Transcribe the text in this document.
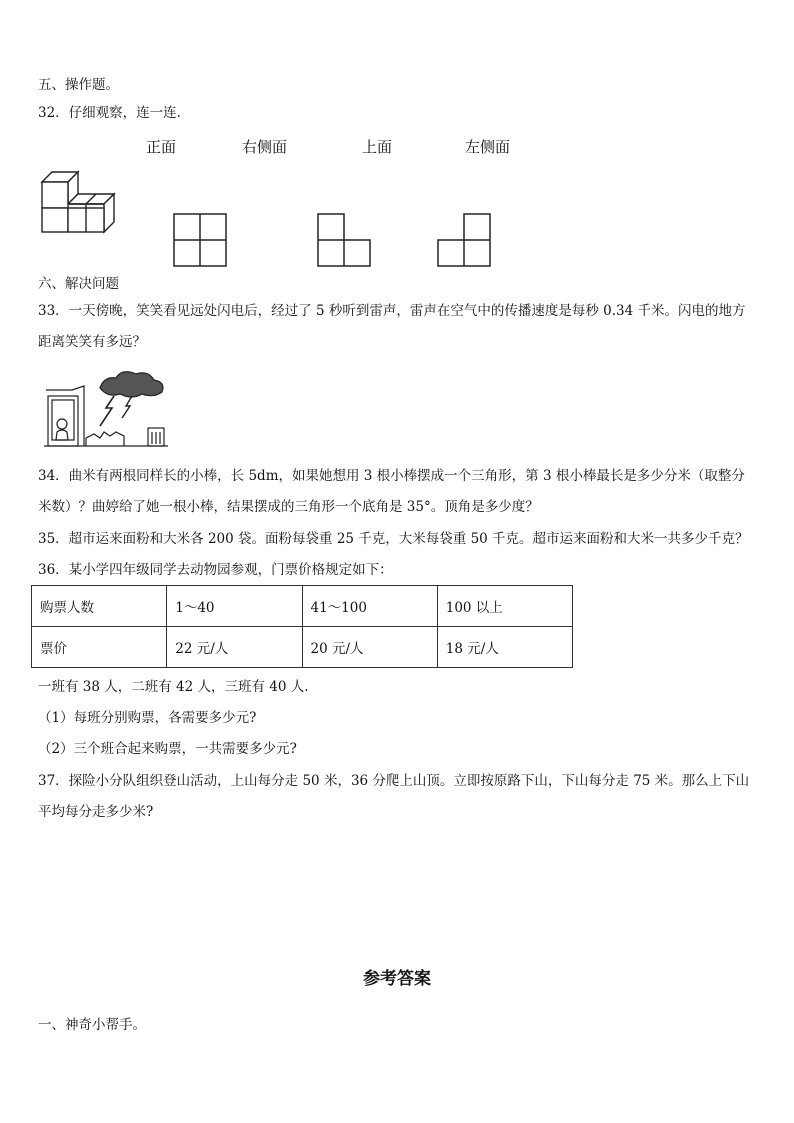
五、操作题。
32．仔细观察，连一连.
正面	右侧面	上面	左侧面
六、解决问题
33．一天傍晚，笑笑看见远处闪电后，经过了 5 秒听到雷声，雷声在空气中的传播速度是每秒 0.34 千米。闪电的地方
距离笑笑有多远？
34．曲米有两根同样长的小棒，长 5dm，如果她想用 3 根小棒摆成一个三角形，第 3 根小棒最长是多少分米（取整分
米数）？曲婷给了她一根小棒，结果摆成的三角形一个底角是 35°。顶角是多少度？
35．超市运来面粉和大米各 200 袋。面粉每袋重 25 千克，大米每袋重 50 千克。超市运来面粉和大米一共多少千克？
36．某小学四年级同学去动物园参观，门票价格规定如下：
购票人数	1～40	41～100	100 以上
票价	22 元/人	20 元/人	18 元/人
一班有 38 人，二班有 42 人，三班有 40 人.
（1）每班分别购票，各需要多少元?
（2）三个班合起来购票，一共需要多少元?
37．探险小分队组织登山活动，上山每分走 50 米，36 分爬上山顶。立即按原路下山，下山每分走 75 米。那么上下山
平均每分走多少米?
参考答案
一、神奇小帮手。
